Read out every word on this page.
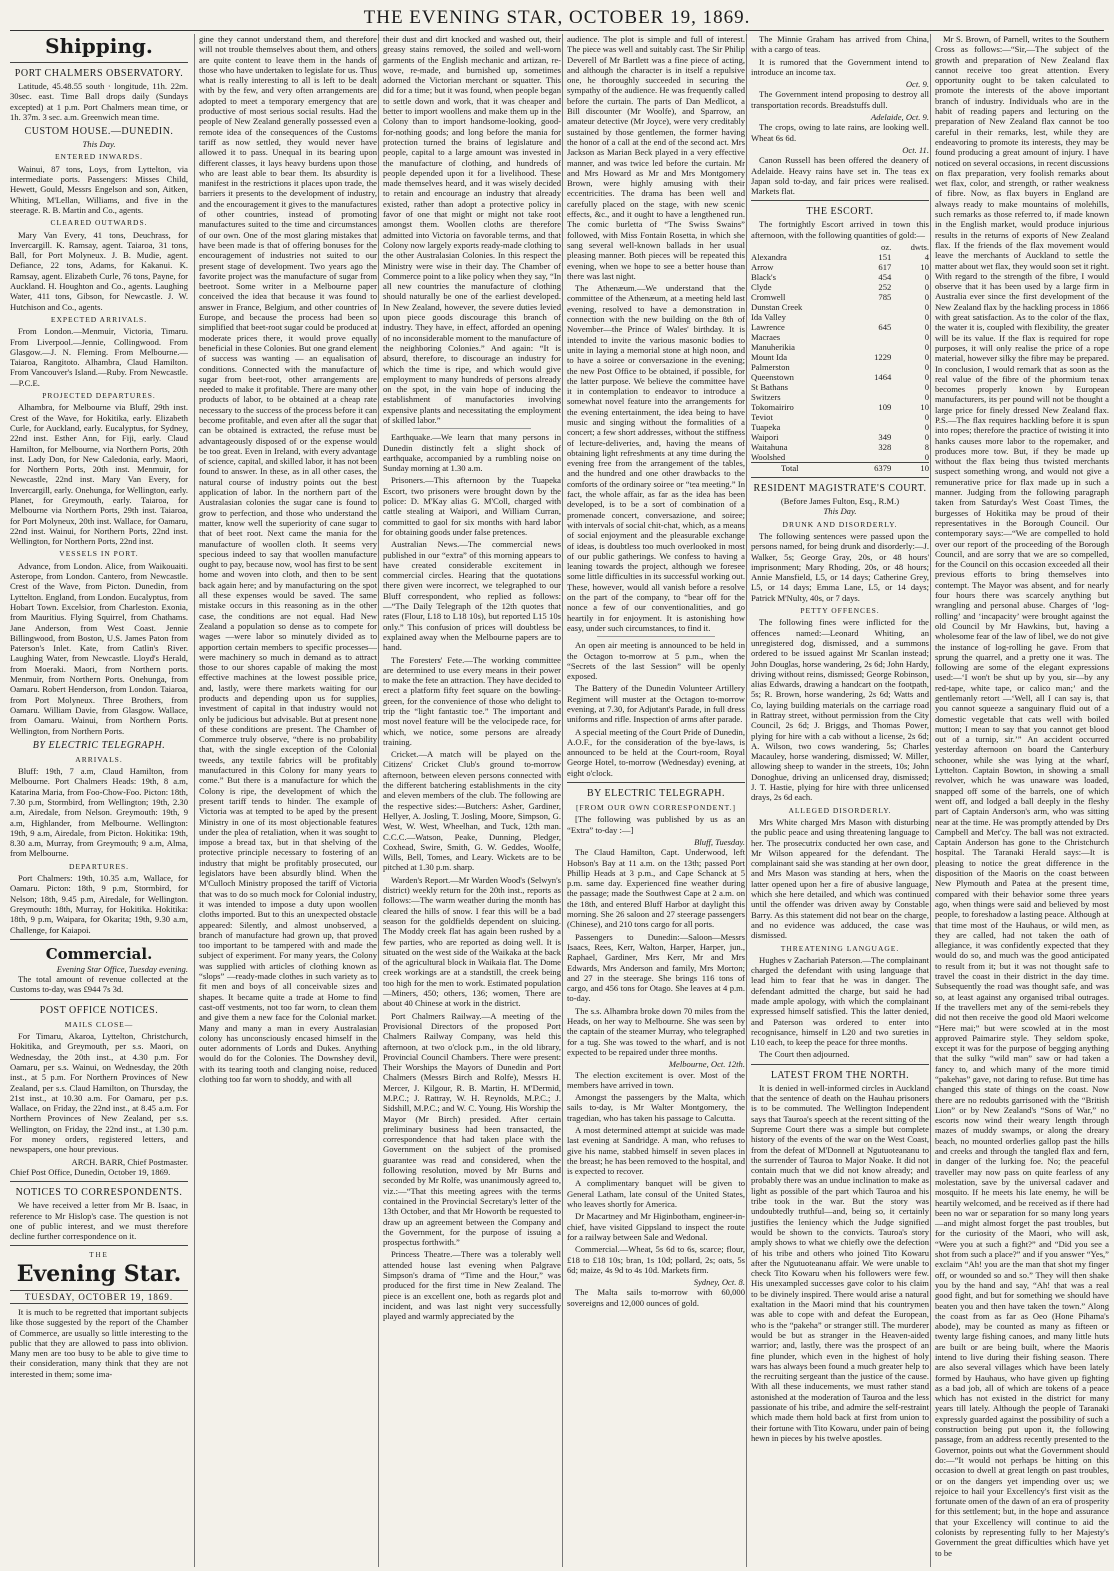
THE EVENING STAR, OCTOBER 19, 1869.
Shipping.
PORT CHALMERS OBSERVATORY.

Latitude, 45.48.55 south · longitude, 11h. 22m. 30sec. east. Time Ball drops daily (Sundays excepted) at 1 p.m. Port Chalmers mean time, or 1h. 37m. 3 sec. a.m. Greenwich mean time.

CUSTOM HOUSE.—DUNEDIN.
This Day.
ENTERED INWARDS.

Wainui, 87 tons, Loys, from Lyttelton, via intermediate ports. Passengers: Misses Child, Hewett, Gould, Messrs Engelson and son, Aitken, Whiting, M'Lellan, Williams, and five in the steerage. R. B. Martin and Co., agents.

CLEARED OUTWARDS.

Mary Van Every, 41 tons, Deuchrass, for Invercargill. K. Ramsay, agent. Taiaroa, 31 tons, Ball, for Port Molyneux. J. B. Mudie, agent. Defiance, 22 tons, Adams, for Kakanui. K. Ramsay, agent. Elizabeth Curle, 76 tons, Payne, for Auckland. H. Houghton and Co., agents. Laughing Water, 411 tons, Gibson, for Newcastle. J. W. Hutchison and Co., agents.

EXPECTED ARRIVALS.

From London.—Menmuir, Victoria, Timaru. From Liverpool.—Jennie, Collingwood. From Glasgow.—J. N. Fleming. From Melbourne.—Taiaroa, Rangitoto. Alhambra, Claud Hamilton. From Vancouver's Island.—Ruby. From Newcastle.—P.C.E.

PROJECTED DEPARTURES.

Alhambra, for Melbourne via Bluff, 29th inst. Crest of the Wave, for Hokitika, early. Elizabeth Curle, for Auckland, early. Eucalyptus, for Sydney, 22nd inst. Esther Ann, for Fiji, early. Claud Hamilton, for Melbourne, via Northern Ports, 20th inst. Lady Don, for New Caledonia, early. Maori, for Northern Ports, 20th inst. Menmuir, for Newcastle, 22nd inst. Mary Van Every, for Invercargill, early. Onehunga, for Wellington, early. Planet, for Greymouth, early. Taiaroa, for Melbourne via Northern Ports, 29th inst. Taiaroa, for Port Molyneux, 20th inst. Wallace, for Oamaru, 22nd inst. Wainui, for Northern Ports, 22nd inst. Wellington, for Northern Ports, 22nd inst.

VESSELS IN PORT.

Advance, from London. Alice, from Waikouaiti. Asterope, from London. Cantero, from Newcastle. Crest of the Wave, from Picton. Dunedin, from Lyttelton. England, from London. Eucalyptus, from Hobart Town. Excelsior, from Charleston. Exonia, from Mauritius. Flying Squirrel, from Chathams. Jane Anderson, from West Coast. Jennie Billingwood, from Boston, U.S. James Paton from Paterson's Inlet. Kate, from Catlin's River. Laughing Water, from Newcastle. Lloyd's Herald, from Moeraki. Maori, from Northern ports. Menmuir, from Northern Ports. Onehunga, from Oamaru. Robert Henderson, from London. Taiaroa, from Port Molyneux. Three Brothers, from Oamaru. William Davie, from Glasgow. Wallace, from Oamaru. Wainui, from Northern Ports. Wellington, from Northern Ports.

BY ELECTRIC TELEGRAPH.
ARRIVALS.

Bluff: 19th, 7 a.m, Claud Hamilton, from Melbourne. Port Chalmers Heads: 19th, 8 a.m, Katarina Maria, from Foo-Chow-Foo. Picton: 18th, 7.30 p.m, Stormbird, from Wellington; 19th, 2.30 a.m, Airedale, from Nelson. Greymouth: 19th, 9 a.m, Highlander, from Melbourne. Wellington: 19th, 9 a.m, Airedale, from Picton. Hokitika: 19th, 8.30 a.m, Murray, from Greymouth; 9 a.m, Alma, from Melbourne.

DEPARTURES.

Port Chalmers: 19th, 10.35 a.m, Wallace, for Oamaru. Picton: 18th, 9 p.m, Stormbird, for Nelson; 18th, 9.45 p.m, Airedale, for Wellington. Greymouth: 18th, Murray, for Hokitika. Hokitika: 18th, 9 p.m, Waipara, for Okarita; 19th, 9.30 a.m, Challenge, for Kaiapoi.

Commercial.
Evening Star Office, Tuesday evening.

The total amount of revenue collected at the Customs to-day, was £944 7s 3d.

POST OFFICE NOTICES.
MAILS CLOSE—

For Timaru, Akaroa, Lyttelton, Christchurch, Hokitika, and Greymouth, per s.s. Maori, on Wednesday, the 20th inst., at 4.30 p.m. For Oamaru, per s.s. Wainui, on Wednesday, the 20th inst., at 5 p.m. For Northern Provinces of New Zealand, per s.s. Claud Hamilton, on Thursday, the 21st inst., at 10.30 a.m. For Oamaru, per p.s. Wallace, on Friday, the 22nd inst., at 8.45 a.m. For Northern Provinces of New Zealand, per s.s. Wellington, on Friday, the 22nd inst., at 1.30 p.m. For money orders, registered letters, and newspapers, one hour previous.

ARCH. BARR, Chief Postmaster.
Chief Post Office, Dunedin, October 19, 1869.
NOTICES TO CORRESPONDENTS.

We have received a letter from Mr B. Isaac, in reference to Mr Hislop's case. The question is not one of public interest, and we must therefore decline further correspondence on it.

THE
Evening Star.
TUESDAY, OCTOBER 19, 1869.

It is much to be regretted that important subjects like those suggested by the report of the Chamber of Commerce, are usually so little interesting to the public that they are allowed to pass into oblivion. Many men are too busy to be able to give time to their consideration, many think that they are not interested in them; some ima-

gine they cannot understand them, and therefore will not trouble themselves about them, and others are quite content to leave them in the hands of those who have undertaken to legislate for us. Thus what is really interesting to all is left to be dealt with by the few, and very often arrangements are adopted to meet a temporary emergency that are productive of most serious social results. Had the people of New Zealand generally possessed even a remote idea of the consequences of the Customs tariff as now settled, they would never have allowed it to pass. Unequal in its bearing upon different classes, it lays heavy burdens upon those who are least able to bear them. Its absurdity is manifest in the restrictions it places upon trade, the barriers it presents to the development of industry, and the encouragement it gives to the manufactures of other countries, instead of promoting manufactures suited to the time and circumstances of our own. One of the most glaring mistakes that have been made is that of offering bonuses for the encouragement of industries not suited to our present stage of development. Two years ago the favorite project was the manufacture of sugar from beetroot. Some writer in a Melbourne paper conceived the idea that because it was found to answer in France, Belgium, and other countries of Europe, and because the process had been so simplified that beet-root sugar could be produced at moderate prices there, it would prove equally beneficial in these Colonies. But one grand element of success was wanting — an equalisation of conditions. Connected with the manufacture of sugar from beet-root, other arrangements are needed to make it profitable. There are many other products of labor, to be obtained at a cheap rate necessary to the success of the process before it can become profitable, and even after all the sugar that can be obtained is extracted, the refuse must be advantageously disposed of or the expense would be too great. Even in Ireland, with every advantage of science, capital, and skilled labor, it has not been found to answer. In these, as in all other cases, the natural course of industry points out the best application of labor. In the northern part of the Australasian colonies the sugar cane is found to grow to perfection, and those who understand the matter, know well the superiority of cane sugar to that of beet root. Next came the mania for the manufacture of woollen cloth. It seems very specious indeed to say that woollen manufacture ought to pay, because now, wool has first to be sent home and woven into cloth, and then to be sent back again here; and by manufacturing on the spot all these expenses would be saved. The same mistake occurs in this reasoning as in the other case, the conditions are not equal. Had New Zealand a population so dense as to compete for wages —were labor so minutely divided as to apportion certain members to specific processes—were machinery so much in demand as to attract those to our shores capable of making the most effective machines at the lowest possible price, and, lastly, were there markets waiting for our products and depending upon us for supplies, investment of capital in that industry would not only be judicious but advisable. But at present none of these conditions are present. The Chamber of Commerce truly observe, “there is no probability that, with the single exception of the Colonial tweeds, any textile fabrics will be profitably manufactured in this Colony for many years to come.” But there is a manufacture for which the Colony is ripe, the development of which the present tariff tends to hinder. The example of Victoria was at tempted to be aped by the present Ministry in one of its most objectionable features under the plea of retaliation, when it was sought to impose a bread tax, but in that shelving of the protective principle necessary to fostering of an industry that might be profitably prosecuted, our legislators have been absurdly blind. When the M'Culloch Ministry proposed the tariff of Victoria that was to do so much mock for Colonial industry, it was intended to impose a duty upon woollen cloths imported. But to this an unexpected obstacle appeared: Silently, and almost unobserved, a branch of manufacture had grown up, that proved too important to be tampered with and made the subject of experiment. For many years, the Colony was supplied with articles of clothing known as “slops” —ready-made clothes in such variety as to fit men and boys of all conceivable sizes and shapes. It became quite a trade at Home to find cast-off vestments, not too far worn, to clean them and give them a new face for the Colonial market. Many and many a man in every Australasian colony has unconsciously encased himself in the outer adornments of Lords and Dukes. Anything would do for the Colonies. The Downshey devil, with its tearing tooth and clanging noise, reduced clothing too far worn to shoddy, and with all

their dust and dirt knocked and washed out, their greasy stains removed, the soiled and well-worn garments of the English mechanic and artizan, re-wove, re-made, and burnished up, sometimes adorned the Victorian merchant or squatter. This did for a time; but it was found, when people began to settle down and work, that it was cheaper and better to import woollens and make them up in the Colony than to import handsome-looking, good-for-nothing goods; and long before the mania for protection turned the brains of legislature and people, capital to a large amount was invested in the manufacture of clothing, and hundreds of people depended upon it for a livelihood. These made themselves heard, and it was wisely decided to retain and encourage an industry that already existed, rather than adopt a protective policy in favor of one that might or might not take root amongst them. Woollen cloths are therefore admitted into Victoria on favorable terms, and that Colony now largely exports ready-made clothing to the other Australasian Colonies. In this respect the Ministry were wise in their day. The Chamber of Commerce point to a like policy when they say, “In all new countries the manufacture of clothing should naturally be one of the earliest developed. In New Zealand, however, the severe duties levied upon piece goods discourage this branch of industry. They have, in effect, afforded an opening of no inconsiderable moment to the manufacture of the neighboring Colonies.” And again: “It is absurd, therefore, to discourage an industry for which the time is ripe, and which would give employment to many hundreds of persons already on the spot, in the vain hope of inducing the establishment of manufactories involving expensive plants and necessitating the employment of skilled labor.”

Earthquake.—We learn that many persons in Dunedin distinctly felt a slight shock of earthquake, accompanied by a rumbling noise on Sunday morning at 1.30 a.m.

Prisoners.—This afternoon by the Tuapeka Escort, two prisoners were brought down by the police: D. M'Kay alias G. M'Coll, charged with cattle stealing at Waipori, and William Curran, committed to gaol for six months with hard labor for obtaining goods under false pretences.

Australian News.—The commercial news published in our “extra” of this morning appears to have created considerable excitement in commercial circles. Hearing that the quotations there given were incorrect, we telegraphed to our Bluff correspondent, who replied as follows:—“The Daily Telegraph of the 12th quotes that rates (Flour, L18 to L18 10s), but reported L15 10s only.” This confusion of prices will doubtless be explained away when the Melbourne papers are to hand.

The Foresters' Fete.—The working committee are determined to use every means in their power to make the fete an attraction. They have decided to erect a platform fifty feet square on the bowling-green, for the convenience of those who delight to trip the “light fantastic toe.” The important and most novel feature will be the velocipede race, for which, we notice, some persons are already training.

Cricket.—A match will be played on the Citizens' Cricket Club's ground to-morrow afternoon, between eleven persons connected with the different batchering establishments in the city and eleven members of the club. The following are the respective sides:—Butchers: Asher, Gardiner, Hellyer, A. Josling, T. Josling, Moore, Simpson, G. West, W. West, Wheelhan, and Tuck, 12th man. C.C.C.—Watson, Peake, Dunning, Pledger, Coxhead, Swire, Smith, G. W. Geddes, Woolfe, Wills, Bell, Tomes, and Leary. Wickets are to be pitched at 1.30 p.m. sharp.

Warden's Report.—Mr Warden Wood's (Selwyn's district) weekly return for the 20th inst., reports as follows:—The warm weather during the month has cleared the hills of snow. I fear this will be a bad season for the goldfields dependent on sluicing. The Moddy creek flat has again been rushed by a few parties, who are reported as doing well. It is situated on the west side of the Waikaka at the back of the agricultural block in Waikaia flat. The Dome creek workings are at a standstill, the creek being too high for the men to work. Estimated population—Miners, 450; others, 136; women, There are about 40 Chinese at work in the district.

Port Chalmers Railway.—A meeting of the Provisional Directors of the proposed Port Chalmers Railway Company, was held this afternoon, at two o'clock p.m., in the old library, Provincial Council Chambers. There were present: Their Worships the Mayors of Dunedin and Port Chalmers (Messrs Birch and Rolfe), Messrs H. Mercer, J. Kilgour, R. B. Martin, H. M'Dermid, M.P.C.; J. Rattray, W. H. Reynolds, M.P.C.; J. Sidshill, M.P.C.; and W. C. Young. His Worship the Mayor (Mr Birch) presided. After certain preliminary business had been transacted, the correspondence that had taken place with the Government on the subject of the promised guarantee was read and considered, when the following resolution, moved by Mr Burns and seconded by Mr Rolfe, was unanimously agreed to, viz.:—“That this meeting agrees with the terms contained in the Provincial Secretary's letter of the 13th October, and that Mr Howorth be requested to draw up an agreement between the Company and the Government, for the purpose of issuing a prospectus forthwith.”

Princess Theatre.—There was a tolerably well attended house last evening when Palgrave Simpson's drama of “Time and the Hour,” was produced for the first time in New Zealand. The piece is an excellent one, both as regards plot and incident, and was last night very successfully played and warmly appreciated by the

audience. The plot is simple and full of interest. The piece was well and suitably cast. The Sir Philip Deverell of Mr Bartlett was a fine piece of acting, and although the character is in itself a repulsive one, he thoroughly succeeded in securing the sympathy of the audience. He was frequently called before the curtain. The parts of Dan Medlicot, a Bill discounter (Mr Woolfe), and Sparrow, an amateur detective (Mr Joyce), were very creditably sustained by those gentlemen, the former having the honor of a call at the end of the second act. Mrs Jackson as Marian Beck played in a very effective manner, and was twice led before the curtain. Mr and Mrs Howard as Mr and Mrs Montgomery Brown, were highly amusing with their eccentricities. The drama has been well and carefully placed on the stage, with new scenic effects, &c., and it ought to have a lengthened run. The comic burletta of “The Swiss Swains” followed, with Miss Fontain Rosetta, in which she sang several well-known ballads in her usual pleasing manner. Both pieces will be repeated this evening, when we hope to see a better house than there was last night.

The Athenæum.—We understand that the committee of the Athenæum, at a meeting held last evening, resolved to have a demonstration in connection with the new building on the 8th of November—the Prince of Wales' birthday. It is intended to invite the various masonic bodies to unite in laying a memorial stone at high noon, and to have a soiree or conversazione in the evening; the new Post Office to be obtained, if possible, for the latter purpose. We believe the committee have it in contemplation to endeavor to introduce a somewhat novel feature into the arrangements for the evening entertainment, the idea being to have music and singing without the formalities of a concert; a few short addresses, without the stiffness of lecture-deliveries, and, having the means of obtaining light refreshments at any time during the evening free from the arrangement of the tables, and the hundred and one other drawbacks to the comforts of the ordinary soiree or “tea meeting.” In fact, the whole affair, as far as the idea has been developed, is to be a sort of combination of a promenade concert, conversazione, and soiree; with intervals of social chit-chat, which, as a means of social enjoyment and the pleasurable exchange of ideas, is doubtless too much overlooked in most of our public gatherings. We confess to having a leaning towards the project, although we foresee some little difficulties in its successful working out. These, however, would all vanish before a resolve on the part of the company, to “bear off for the nonce a few of our conventionalities, and go heartily in for enjoyment. It is astonishing how easy, under such circumstances, to find it.

An open air meeting is announced to be held in the Octagon to-morrow at 5 p.m., when the “Secrets of the last Session” will be openly exposed.

The Battery of the Dunedin Volunteer Artillery Regiment will muster at the Octagon to-morrow evening, at 7.30, for Adjutant's Parade, in full dress uniforms and rifle. Inspection of arms after parade.

A special meeting of the Court Pride of Dunedin, A.O.F., for the consideration of the bye-laws, is announced to be held at the Court-room, Royal George Hotel, to-morrow (Wednesday) evening, at eight o'clock.

BY ELECTRIC TELEGRAPH.
[FROM OUR OWN CORRESPONDENT.]

[The following was published by us as an “Extra” to-day :—]

Bluff, Tuesday.

The Claud Hamilton, Capt. Underwood, left Hobson's Bay at 11 a.m. on the 13th; passed Port Phillip Heads at 3 p.m., and Cape Schanck at 5 p.m. same day. Experienced fine weather during the passage; made the Southwest Cape at 2 a.m. on the 18th, and entered Bluff Harbor at daylight this morning. She 26 saloon and 27 steerage passengers (Chinese), and 210 tons cargo for all ports.

Passengers to Dunedin:—Saloon—Messrs Isaacs, Rees, Kerr, Walton, Harper, Harper, jun., Raphael, Gardiner, Mrs Kerr, Mr and Mrs Edwards, Mrs Anderson and family, Mrs Morton; and 27 in the steerage. She brings 116 tons of cargo, and 456 tons for Otago. She leaves at 4 p.m. to-day.

The s.s. Alhambra broke down 70 miles from the Heads, on her way to Melbourne. She was seen by the captain of the steamer Murray, who telegraphed for a tug. She was towed to the wharf, and is not expected to be repaired under three months.

Melbourne, Oct. 12th.

The election excitement is over. Most of the members have arrived in town.

Amongst the passengers by the Malta, which sails to-day, is Mr Walter Montgomery, the tragedian, who has taken his passage to Calcutta.

A most determined attempt at suicide was made last evening at Sandridge. A man, who refuses to give his name, stabbed himself in seven places in the breast; he has been removed to the hospital, and is expected to recover.

A complimentary banquet will be given to General Latham, late consul of the United States, who leaves shortly for America.

Dr Macartney and Mr Higinbotham, engineer-in-chief, have visited Gippsland to inspect the route for a railway between Sale and Wedonal.

Commercial.—Wheat, 5s 6d to 6s, scarce; flour, £18 to £18 10s; bran, 1s 10d; pollard, 2s; oats, 5s 6d; maize, 4s 9d to 4s 10d. Markets firm.

Sydney, Oct. 8.

The Malta sails to-morrow with 60,000 sovereigns and 12,000 ounces of gold.

The Minnie Graham has arrived from China, with a cargo of teas.

It is rumored that the Government intend to introduce an income tax.

Oct. 9.

The Government intend proposing to destroy all transportation records. Breadstuffs dull.

Adelaide, Oct. 9.

The crops, owing to late rains, are looking well. Wheat 6s 6d.

Oct. 11.

Canon Russell has been offered the deanery of Adelaide. Heavy rains have set in. The teas ex Japan sold to-day, and fair prices were realised. Markets flat.

THE ESCORT.

The fortnightly Escort arrived in town this afternoon, with the following quantities of gold:—

	oz.	dwts.
Alexandra	151	4
Arrow	617	10
Black's	454	0
Clyde	252	0
Cromwell	785	0
Dunstan Creek		0
Ida Valley		0
Lawrence	645	0
Macraes		0
Manuherikia		0
Mount Ida	1229	0
Palmerston		0
Queenstown	1464	0
St Bathans		0
Switzers		0
Tokomairiro	109	10
Teviot		0
Tuapeka		0
Waipori	349	0
Waitahuna	328	8
Woolshed		0
Total	6379	10
RESIDENT MAGISTRATE'S COURT.
(Before James Fulton, Esq., R.M.)
This Day.
DRUNK AND DISORDERLY.

The following sentences were passed upon the persons named, for being drunk and disorderly:—J. Walker, 5s; George Gray, 20s, or 48 hours' imprisonment; Mary Rhoding, 20s, or 48 hours; Annie Mansfield, L5, or 14 days; Catherine Grey, L5, or 14 days; Emma Lane, L5, or 14 days; Patrick M'Nulty, 40s, or 7 days.

PETTY OFFENCES.

The following fines were inflicted for the offences named:—Leonard Whiting, an unregistered dog, dismissed, and a summons ordered to be issued against Mr Scanlan instead; John Douglas, horse wandering, 2s 6d; John Hardy, driving without reins, dismissed; George Robinson, alias Edwards, drawing a handcart on the footpath, 5s; R. Brown, horse wandering, 2s 6d; Watts and Co, laying building materials on the carriage road in Rattray street, without permission from the City Council, 2s 6d; J. Briggs, and Thomas Power, plying for hire with a cab without a license, 2s 6d; A. Wilson, two cows wandering, 5s; Charles Macauley, horse wandering, dismissed; W. Miller, allowing sheep to wander in the streets, 10s; John Donoghue, driving an unlicensed dray, dismissed; J. T. Hastie, plying for hire with three unlicensed drays, 2s 6d each.

ALLEGED DISORDERLY.

Mrs White charged Mrs Mason with disturbing the public peace and using threatening language to her. The prosecutrix conducted her own case, and Mr Wilson appeared for the defendant. The complainant said she was standing at her own door, and Mrs Mason was standing at hers, when the latter opened upon her a fire of abusive language, which she here detailed, and which was continued until the offender was driven away by Constable Barry. As this statement did not bear on the charge, and no evidence was adduced, the case was dismissed.

THREATENING LANGUAGE.

Hughes v Zachariah Paterson.—The complainant charged the defendant with using language that lead him to fear that he was in danger. The defendant admitted the charge, but said he had made ample apology, with which the complainant expressed himself satisfied. This the latter denied, and Paterson was ordered to enter into recognisance, himself in L20 and two sureties in L10 each, to keep the peace for three months.

The Court then adjourned.

LATEST FROM THE NORTH.

It is denied in well-informed circles in Auckland that the sentence of death on the Hauhau prisoners is to be commuted. The Wellington Independent says that Tauroa's speech at the recent sitting of the Supreme Court there was a simple but complete history of the events of the war on the West Coast, from the defeat of M'Donnell at Ngutuoteananu to the surrender of Tauroa to Major Noake. It did not contain much that we did not know already; and probably there was an undue inclination to make as light as possible of the part which Tauroa and his tribe took in the war. But the story was undoubtedly truthful—and, being so, it certainly justifies the leniency which the Judge signified would be shown to the convicts. Tauroa's story amply shows to what we chiefly owe the defection of his tribe and others who joined Tito Kowaru after the Ngutuoteananu affair. We were unable to check Tito Kowaru when his followers were few. His unexampled successes gave color to his claim to be divinely inspired. There would arise a natural exaltation in the Maori mind that his countrymen was able to cope with and defeat the European, who is the “pakeha” or stranger still. The murderer would be but as stranger in the Heaven-aided warrior; and, lastly, there was the prospect of an fine plunder, which even in the highest of holy wars has always been found a much greater help to the recruiting sergeant than the justice of the cause. With all these inducements, we must rather stand astonished at the moderation of Tauroa and the less passionate of his tribe, and admire the self-restraint which made them hold back at first from union to their fortune with Tito Kowaru, under pain of being hewn in pieces by his twelve apostles.

Mr S. Brown, of Parnell, writes to the Southern Cross as follows:—“Sir,—The subject of the growth and preparation of New Zealand flax cannot receive too great attention. Every opportunity ought to be taken calculated to promote the interests of the above important branch of industry. Individuals who are in the habit of reading papers and lecturing on the preparation of New Zealand flax cannot be too careful in their remarks, lest, while they are endeavoring to promote its interests, they may be found producing a great amount of injury. I have noticed on several occasions, in recent discussions on flax preparation, very foolish remarks about wet flax, color, and strength, or rather weakness of fibre. Now, as flax buyers in England are always ready to make mountains of molehills, such remarks as those referred to, if made known in the English market, would produce injurious results in the returns of exports of New Zealand flax. If the friends of the flax movement would leave the merchants of Auckland to settle the matter about wet flax, they would soon set it right. With regard to the strength of the fibre, I would observe that it has been used by a large firm in Australia ever since the first development of the New Zealand flax by the hackling process in 1866 with great satisfaction. As to the color of the flax, the water it is, coupled with flexibility, the greater will be its value. If the flax is required for rope purposes, it will only realise the price of a rope material, however silky the fibre may be prepared. In conclusion, I would remark that as soon as the real value of the fibre of the phormium tenax becomes properly known by European manufacturers, its per pound will not be thought a large price for finely dressed New Zealand flax. P.S.—The flax requires hackling before it is spun into ropes; therefore the practice of twisting it into hanks causes more labor to the ropemaker, and produces more tow. But, if they be made up without the flax being thus twisted merchants suspect something wrong, and would not give a remunerative price for flax made up in such a manner. Judging from the following paragraph taken from Saturday's West Coast Times, the burgesses of Hokitika may be proud of their representatives in the Borough Council. Our contemporary says:—“We are compelled to hold over our report of the proceeding of the Borough Council, and are sorry that we are so compelled, for the Council on this occasion exceeded all their previous efforts to bring themselves into contempt. The Mayor was absent, and for nearly four hours there was scarcely anything but wrangling and personal abuse. Charges of ‘log-rolling’ and ‘incapacity’ were brought against the old Council by Mr Hawkins, but, having a wholesome fear of the law of libel, we do not give the instance of log-rolling he gave. From that sprung the quarrel, and a pretty one it was. The following are some of the elegant expressions used:—‘I won't be shut up by you, sir—by any red-tape, white tape, or calico man;’ and the gentlemanly retort —‘Well, all I can say is, that you cannot squeeze a sanguinary fluid out of a domestic vegetable that cats well with boiled mutton; I mean to say that you cannot get blood out of a turnip, sir.’” An accident occurred yesterday afternoon on board the Canterbury schooner, while she was lying at the wharf, Lyttelton. Captain Bowton, in showing a small revolver, which he was unaware was loaded, snapped off some of the barrels, one of which went off, and lodged a ball deeply in the fleshy part of Captain Anderson's arm, who was sitting near at the time. He was promptly attended by Drs Campbell and Met'cy. The ball was not extracted. Captain Anderson has gone to the Christchurch hospital. The Taranaki Herald says:—It is pleasing to notice the great difference in the disposition of the Maoris on the coast between New Plymouth and Patea at the present time, compared with their behavior some three years ago, when things were said and believed by most people, to foreshadow a lasting peace. Although at that time most of the Hauhaus, or wild men, as they are called, had not taken the oath of allegiance, it was confidently expected that they would do so, and much was the good anticipated to result from it; but it was not thought safe to travel the coast in their district in the day time. Subsequently the road was thought safe, and was so, at least against any organised tribal outrages. If the travellers met any of the semi-rebels they did not then receive the good old Maori welcome “Here mai;” but were scowled at in the most approved Paimarire style. They seldom spoke, except it was for the purpose of begging anything that the sulky “wild man” saw or had taken a fancy to, and which many of the more timid “pakehas” gave, not daring to refuse. But time has changed this state of things on the coast. Now there are no redoubts garrisoned with the “British Lion” or by New Zealand's “Sons of War,” no escorts now wind their weary length through mazes of muddy swamps, or along the dreary beach, no mounted orderlies gallop past the hills and creeks and through the tangled flax and fern, in danger of the lurking foe. No; the peaceful traveller may now pass on quite fearless of any molestation, save by the universal cadaver and mosquito. If he meets his late enemy, he will be heartily welcomed, and be received as if there had been no war or separation for so many long years—and might almost forget the past troubles, but for the curiosity of the Maori, who will ask, “Were you at such a fight?” and “Did you see a shot from such a place?” and if you answer “Yes,” exclaim “Ah! you are the man that shot my finger off, or wounded so and so.” They will then shake you by the hand and say, “Ah! that was a real good fight, and but for something we should have beaten you and then have taken the town.” Along the coast from as far as Oeo (Hone Pihama's abode), may be counted as many as fifteen or twenty large fishing canoes, and many little huts are built or are being built, where the Maoris intend to live during their fishing season. There are also several villages which have been lately formed by Hauhaus, who have given up fighting as a bad job, all of which are tokens of a peace which has not existed in the district for many years till lately. Although the people of Taranaki expressly guarded against the possibility of such a construction being put upon it, the following passage, from an address recently presented to the Governor, points out what the Government should do:—“It would not perhaps be hitting on this occasion to dwell at great length on past troubles, or on the dangers yet impending over us; we rejoice to hail your Excellency's first visit as the fortunate omen of the dawn of an era of prosperity for this settlement; but, in the hope and assurance that your Excellency will continue to aid the colonists by representing fully to her Majesty's Government the great difficulties which have yet to be
